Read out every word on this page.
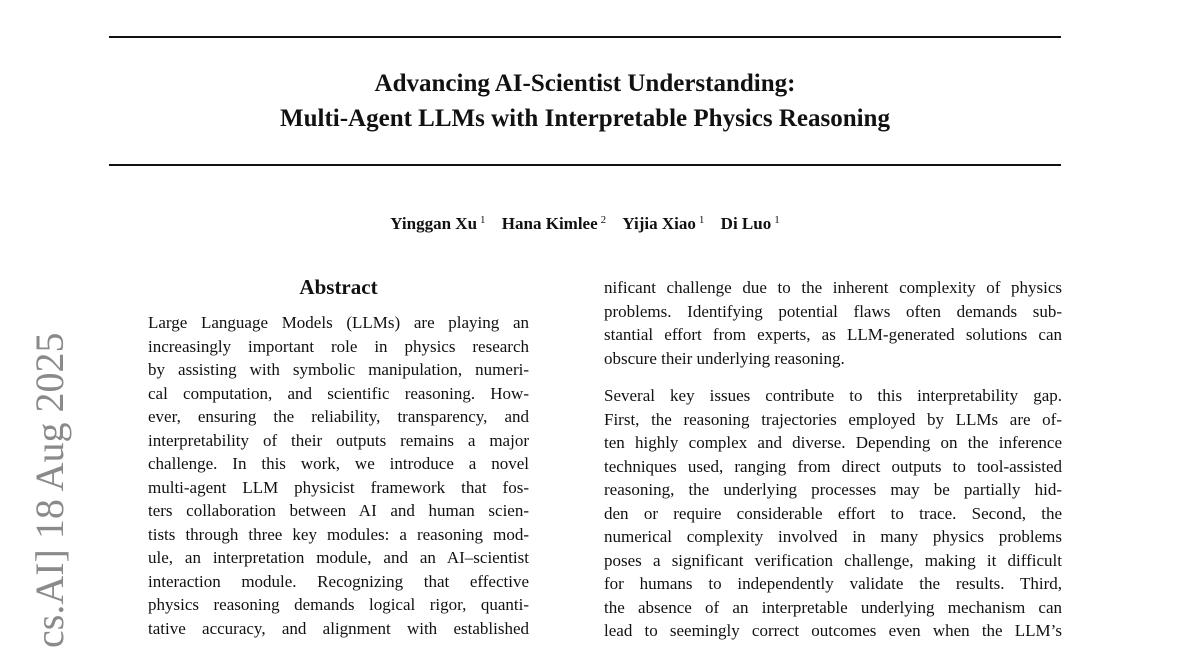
Advancing AI-Scientist Understanding:
Multi-Agent LLMs with Interpretable Physics Reasoning
Yinggan Xu $^1$ Hana Kimlee $^2$ Yijia Xiao $^1$ Di Luo $^1$
Abstract
Large Language Models (LLMs) are playing an
increasingly important role in physics research
by assisting with symbolic manipulation, numeri-
cal computation, and scientific reasoning. How-
ever, ensuring the reliability, transparency, and
interpretability of their outputs remains a major
challenge. In this work, we introduce a novel
multi-agent LLM physicist framework that fos-
ters collaboration between AI and human scien-
tists through three key modules: a reasoning mod-
ule, an interpretation module, and an AI–scientist
interaction module. Recognizing that effective
physics reasoning demands logical rigor, quanti-
tative accuracy, and alignment with established
nificant challenge due to the inherent complexity of physics
problems. Identifying potential flaws often demands sub-
stantial effort from experts, as LLM-generated solutions can
obscure their underlying reasoning.
Several key issues contribute to this interpretability gap.
First, the reasoning trajectories employed by LLMs are of-
ten highly complex and diverse. Depending on the inference
techniques used, ranging from direct outputs to tool-assisted
reasoning, the underlying processes may be partially hid-
den or require considerable effort to trace. Second, the
numerical complexity involved in many physics problems
poses a significant verification challenge, making it difficult
for humans to independently validate the results. Third,
the absence of an interpretable underlying mechanism can
lead to seemingly correct outcomes even when the LLM’s
cs.AI] 18 Aug 2025
